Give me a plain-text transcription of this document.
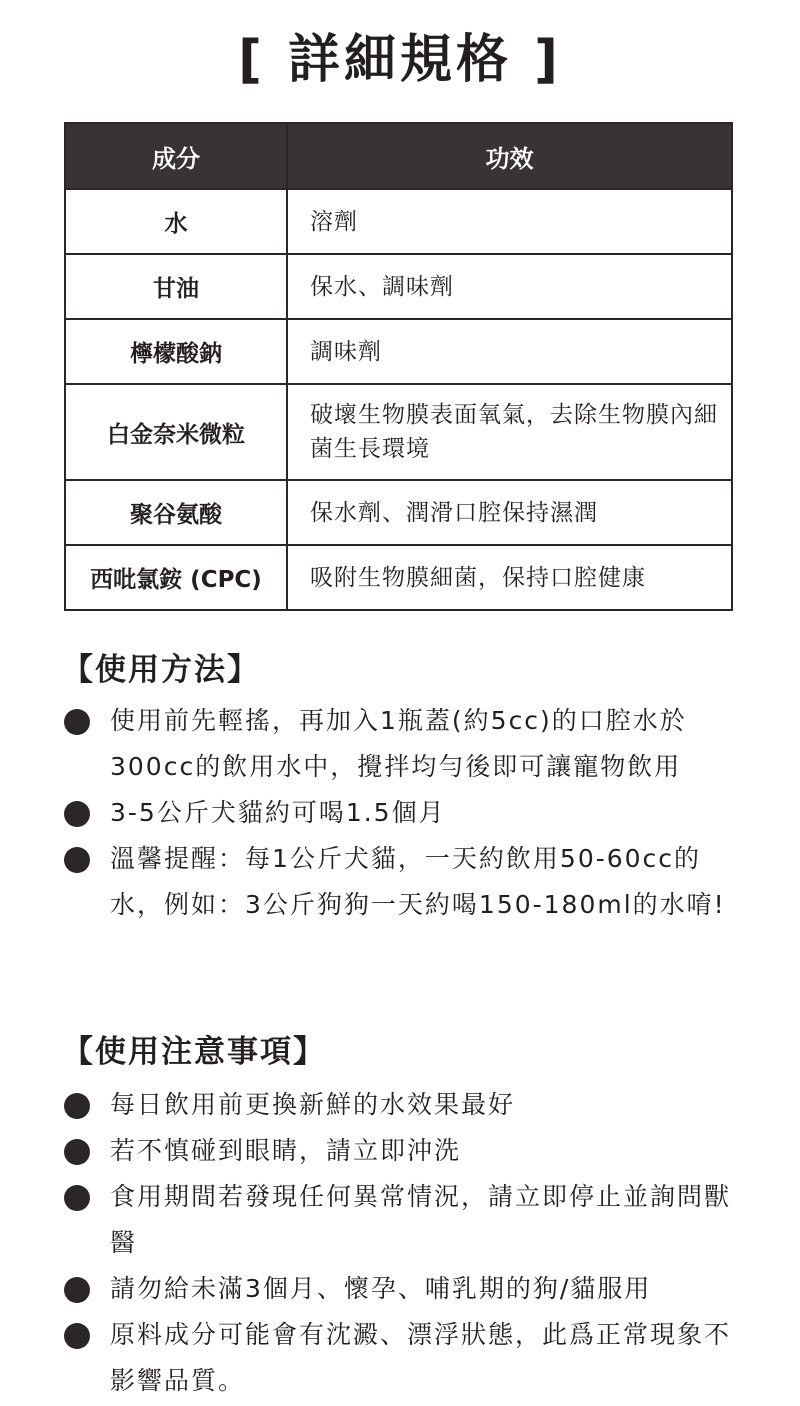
[ 詳細規格 ]
成分	功效
水	溶劑
甘油	保水、調味劑
檸檬酸鈉	調味劑
白金奈米微粒	破壞生物膜表面氧氣，去除生物膜內細菌生長環境
聚谷氨酸	保水劑、潤滑口腔保持濕潤
西吡氯銨 (CPC)	吸附生物膜細菌，保持口腔健康
【使用方法】
使用前先輕搖，再加入1瓶蓋(約5cc)的口腔水於300cc的飲用水中，攪拌均勻後即可讓寵物飲用
3-5公斤犬貓約可喝1.5個月
溫馨提醒：每1公斤犬貓，一天約飲用50-60cc的水，例如：3公斤狗狗一天約喝150-180ml的水唷!
【使用注意事項】
每日飲用前更換新鮮的水效果最好
若不慎碰到眼睛，請立即沖洗
食用期間若發現任何異常情況，請立即停止並詢問獸醫
請勿給未滿3個月、懷孕、哺乳期的狗/貓服用
原料成分可能會有沈澱、漂浮狀態，此爲正常現象不影響品質。
